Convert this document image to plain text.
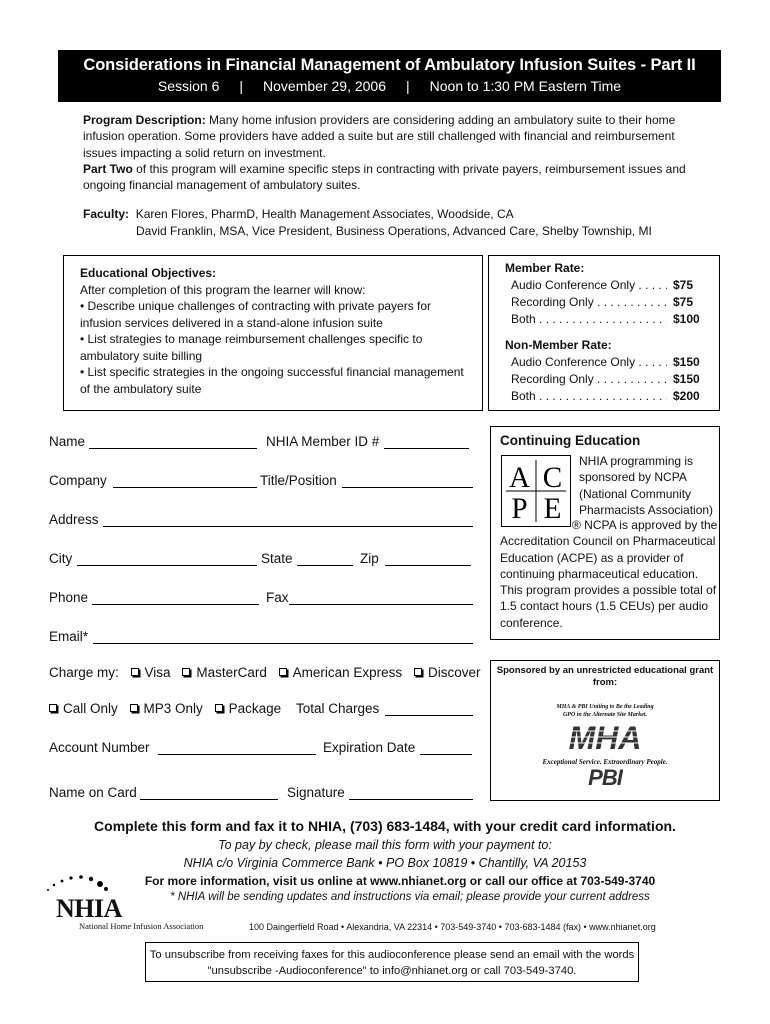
Considerations in Financial Management of Ambulatory Infusion Suites - Part II
Session 6 | November 29, 2006 | Noon to 1:30 PM Eastern Time
Program Description: Many home infusion providers are considering adding an ambulatory suite to their home infusion operation. Some providers have added a suite but are still challenged with financial and reimbursement issues impacting a solid return on investment.
Part Two of this program will examine specific steps in contracting with private payers, reimbursement issues and ongoing financial management of ambulatory suites.
Faculty: Karen Flores, PharmD, Health Management Associates, Woodside, CA
David Franklin, MSA, Vice President, Business Operations, Advanced Care, Shelby Township, MI
Educational Objectives:
After completion of this program the learner will know:
• Describe unique challenges of contracting with private payers for infusion services delivered in a stand-alone infusion suite
• List strategies to manage reimbursement challenges specific to ambulatory suite billing
• List specific strategies in the ongoing successful financial management of the ambulatory suite
Member Rate:
Audio Conference Only . . .	$75
Recording Only . . .	$75
Both . . .	$100
Non-Member Rate:
Audio Conference Only . . .	$150
Recording Only . . .	$150
Both . . .	$200
Name	NHIA Member ID #
Company	Title/Position
Address
City	State	Zip
Phone	Fax
Email*
Charge my: Visa MasterCard American Express Discover
Call Only MP3 Only Package Total Charges
Account Number	Expiration Date
Name on Card	Signature
Continuing Education
A C
P E
NHIA programming is sponsored by NCPA (National Community Pharmacists Association)
® NCPA is approved by the Accreditation Council on Pharmaceutical Education (ACPE) as a provider of continuing pharmaceutical education. This program provides a possible total of 1.5 contact hours (1.5 CEUs) per audio conference.
Sponsored by an unrestricted educational grant from:
MHA & PBI Uniting to Be the Leading GPO in the Alternate Site Market.
MHA
Exceptional Service. Extraordinary People.
PBI
Complete this form and fax it to NHIA, (703) 683-1484, with your credit card information.
To pay by check, please mail this form with your payment to:
NHIA c/o Virginia Commerce Bank • PO Box 10819 • Chantilly, VA 20153
For more information, visit us online at www.nhianet.org or call our office at 703-549-3740
* NHIA will be sending updates and instructions via email; please provide your current address
NHIA
National Home Infusion Association	100 Daingerfield Road • Alexandria, VA 22314 • 703-549-3740 • 703-683-1484 (fax) • www.nhianet.org
To unsubscribe from receiving faxes for this audioconference please send an email with the words "unsubscribe -Audioconference" to info@nhianet.org or call 703-549-3740.
